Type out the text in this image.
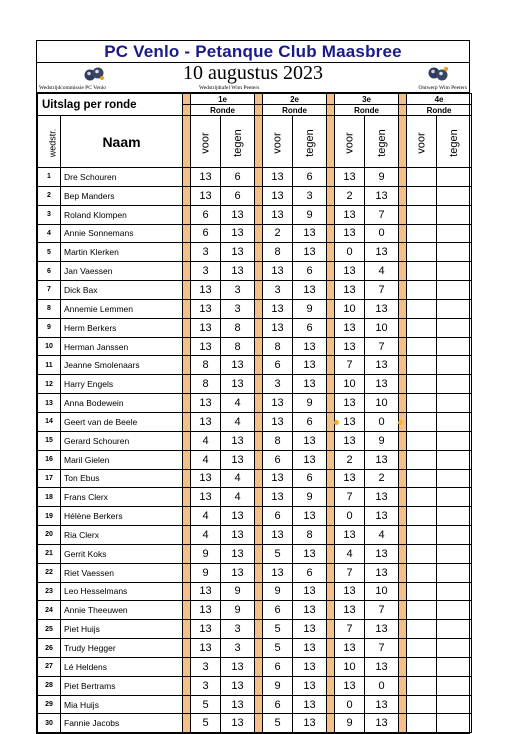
PC Venlo - Petanque Club Maasbree
10 augustus 2023
Wedstrijdcommissie PC Venlo	Wedstrijdtafel Wim Peeters	Ontwerp Wim Peeters
Uitslag per ronde			1e			2e			3e			4e	
			Ronde			Ronde			Ronde			Ronde	
wedstr.	Naam		voor	tegen		voor	tegen		voor	tegen		voor	tegen
1	Dre Schouren		13	6		13	6		13	9			
2	Bep Manders		13	6		13	3		2	13			
3	Roland Klompen		6	13		13	9		13	7			
4	Annie Sonnemans		6	13		2	13		13	0			
5	Martin Klerken		3	13		8	13		0	13			
6	Jan Vaessen		3	13		13	6		13	4			
7	Dick Bax		13	3		3	13		13	7			
8	Annemie Lemmen		13	3		13	9		10	13			
9	Herm Berkers		13	8		13	6		13	10			
10	Herman Janssen		13	8		8	13		13	7			
11	Jeanne Smolenaars		8	13		6	13		7	13			
12	Harry Engels		8	13		3	13		10	13			
13	Anna Bodewein		13	4		13	9		13	10			
14	Geert van de Beele		13	4		13	6		13	0			
15	Gerard Schouren		4	13		8	13		13	9			
16	Maril Gielen		4	13		6	13		2	13			
17	Ton Ebus		13	4		13	6		13	2			
18	Frans Clerx		13	4		13	9		7	13			
19	Hélène Berkers		4	13		6	13		0	13			
20	Ria Clerx		4	13		13	8		13	4			
21	Gerrit Koks		9	13		5	13		4	13			
22	Riet Vaessen		9	13		13	6		7	13			
23	Leo Hesselmans		13	9		9	13		13	10			
24	Annie Theeuwen		13	9		6	13		13	7			
25	Piet Huijs		13	3		5	13		7	13			
26	Trudy Hegger		13	3		5	13		13	7			
27	Lé Heldens		3	13		6	13		10	13			
28	Piet Bertrams		3	13		9	13		13	0			
29	Mia Huijs		5	13		6	13		0	13			
30	Fannie Jacobs		5	13		5	13		9	13			
